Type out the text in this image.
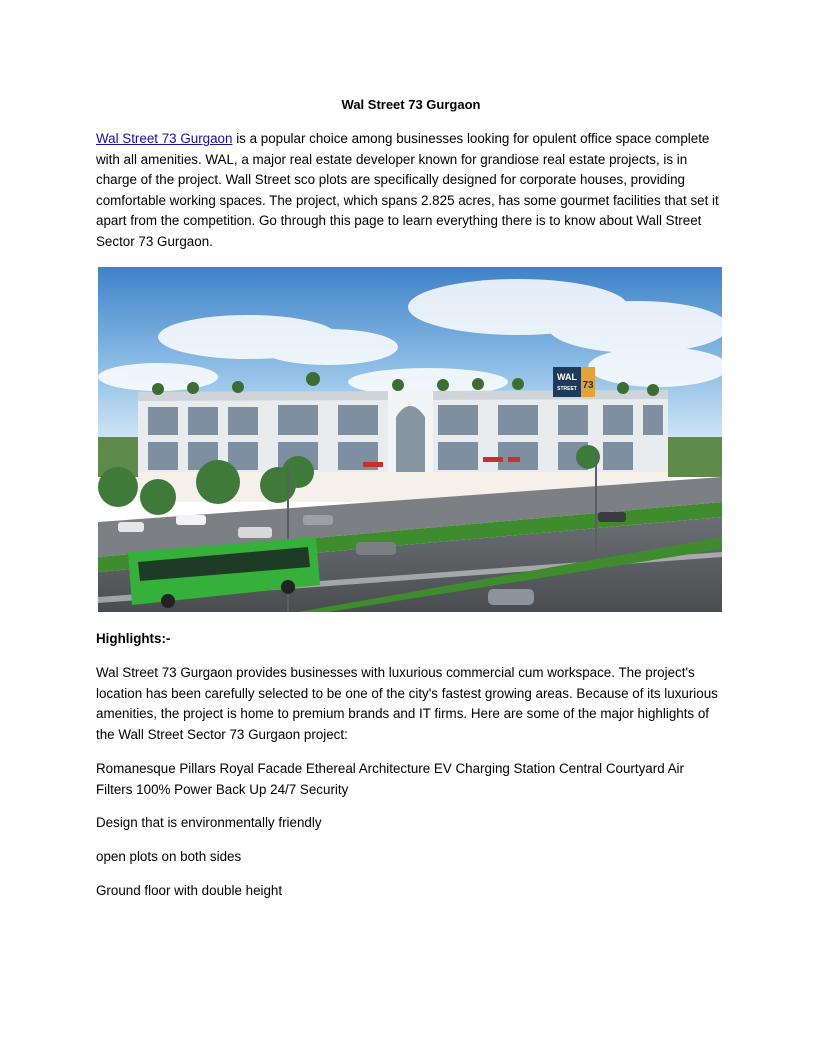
Wal Street 73 Gurgaon

Wal Street 73 Gurgaon is a popular choice among businesses looking for opulent office space complete with all amenities. WAL, a major real estate developer known for grandiose real estate projects, is in charge of the project. Wall Street sco plots are specifically designed for corporate houses, providing comfortable working spaces. The project, which spans 2.825 acres, has some gourmet facilities that set it apart from the competition. Go through this page to learn everything there is to know about Wall Street Sector 73 Gurgaon.

WAL
STREET 73
Highlights:-

Wal Street 73 Gurgaon provides businesses with luxurious commercial cum workspace. The project's location has been carefully selected to be one of the city's fastest growing areas. Because of its luxurious amenities, the project is home to premium brands and IT firms. Here are some of the major highlights of the Wall Street Sector 73 Gurgaon project:

Romanesque Pillars Royal Facade Ethereal Architecture EV Charging Station Central Courtyard Air Filters 100% Power Back Up 24/7 Security

Design that is environmentally friendly

open plots on both sides

Ground floor with double height
